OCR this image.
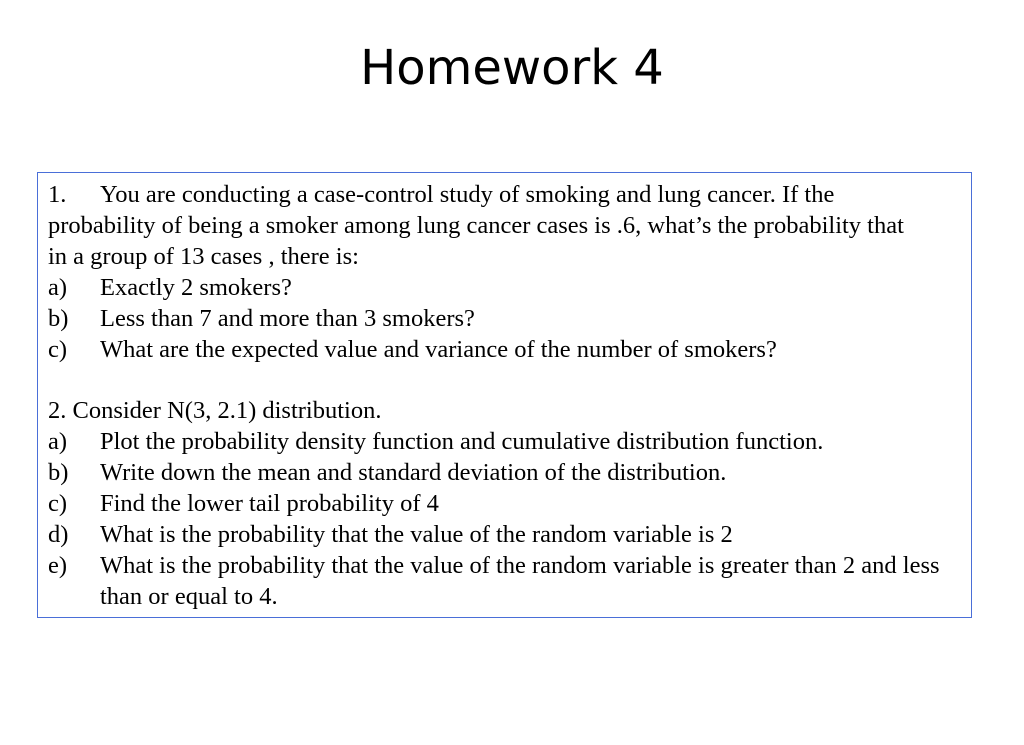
Homework 4
1.	You are conducting a case-control study of smoking and lung cancer. If the
probability of being a smoker among lung cancer cases is .6, what’s the probability that in a group of 13 cases , there is:
a)	Exactly 2 smokers?
b)	Less than 7 and more than 3 smokers?
c)	What are the expected value and variance of the number of smokers?
2. Consider N(3, 2.1) distribution.
a)	Plot the probability density function and cumulative distribution function.
b)	Write down the mean and standard deviation of the distribution.
c)	Find the lower tail probability of 4
d)	What is the probability that the value of the random variable is 2
e)	What is the probability that the value of the random variable is greater than 2 and less than or equal to 4.
